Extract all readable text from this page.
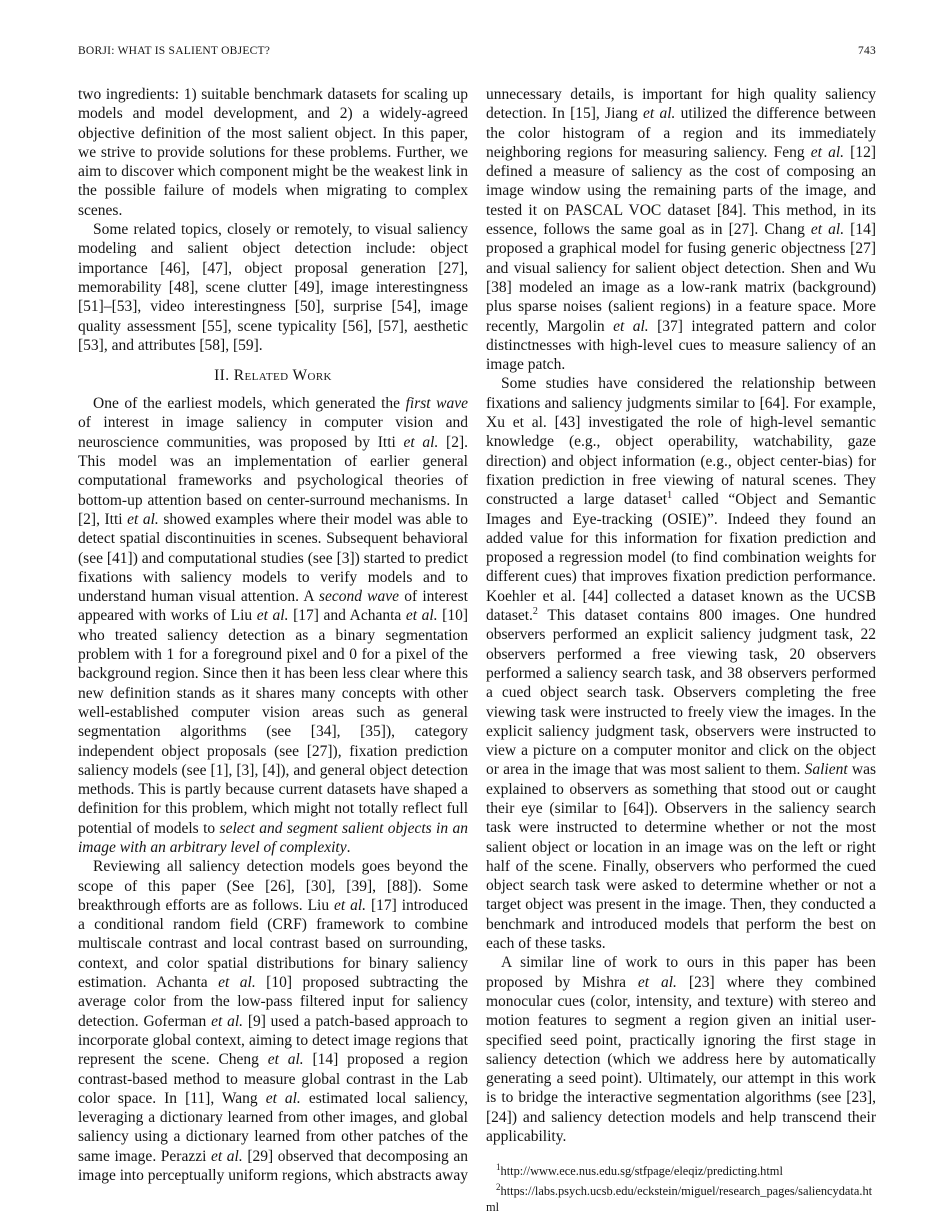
BORJI: WHAT IS SALIENT OBJECT?	743

two ingredients: 1) suitable benchmark datasets for scaling up models and model development, and 2) a widely-agreed objective definition of the most salient object. In this paper, we strive to provide solutions for these problems. Further, we aim to discover which component might be the weakest link in the possible failure of models when migrating to complex scenes.

Some related topics, closely or remotely, to visual saliency modeling and salient object detection include: object importance [46], [47], object proposal generation [27], memorability [48], scene clutter [49], image interestingness [51]–[53], video interestingness [50], surprise [54], image quality assessment [55], scene typicality [56], [57], aesthetic [53], and attributes [58], [59].

II. Related Work

One of the earliest models, which generated the first wave of interest in image saliency in computer vision and neuroscience communities, was proposed by Itti et al. [2]. This model was an implementation of earlier general computational frameworks and psychological theories of bottom-up attention based on center-surround mechanisms. In [2], Itti et al. showed examples where their model was able to detect spatial discontinuities in scenes. Subsequent behavioral (see [41]) and computational studies (see [3]) started to predict fixations with saliency models to verify models and to understand human visual attention. A second wave of interest appeared with works of Liu et al. [17] and Achanta et al. [10] who treated saliency detection as a binary segmentation problem with 1 for a foreground pixel and 0 for a pixel of the background region. Since then it has been less clear where this new definition stands as it shares many concepts with other well-established computer vision areas such as general segmentation algorithms (see [34], [35]), category independent object proposals (see [27]), fixation prediction saliency models (see [1], [3], [4]), and general object detection methods. This is partly because current datasets have shaped a definition for this problem, which might not totally reflect full potential of models to select and segment salient objects in an image with an arbitrary level of complexity.

Reviewing all saliency detection models goes beyond the scope of this paper (See [26], [30], [39], [88]). Some breakthrough efforts are as follows. Liu et al. [17] introduced a conditional random field (CRF) framework to combine multiscale contrast and local contrast based on surrounding, context, and color spatial distributions for binary saliency estimation. Achanta et al. [10] proposed subtracting the average color from the low-pass filtered input for saliency detection. Goferman et al. [9] used a patch-based approach to incorporate global context, aiming to detect image regions that represent the scene. Cheng et al. [14] proposed a region contrast-based method to measure global contrast in the Lab color space. In [11], Wang et al. estimated local saliency, leveraging a dictionary learned from other images, and global saliency using a dictionary learned from other patches of the same image. Perazzi et al. [29] observed that decomposing an image into perceptually uniform regions, which abstracts away

unnecessary details, is important for high quality saliency detection. In [15], Jiang et al. utilized the difference between the color histogram of a region and its immediately neighboring regions for measuring saliency. Feng et al. [12] defined a measure of saliency as the cost of composing an image window using the remaining parts of the image, and tested it on PASCAL VOC dataset [84]. This method, in its essence, follows the same goal as in [27]. Chang et al. [14] proposed a graphical model for fusing generic objectness [27] and visual saliency for salient object detection. Shen and Wu [38] modeled an image as a low-rank matrix (background) plus sparse noises (salient regions) in a feature space. More recently, Margolin et al. [37] integrated pattern and color distinctnesses with high-level cues to measure saliency of an image patch.

Some studies have considered the relationship between fixations and saliency judgments similar to [64]. For example, Xu et al. [43] investigated the role of high-level semantic knowledge (e.g., object operability, watchability, gaze direction) and object information (e.g., object center-bias) for fixation prediction in free viewing of natural scenes. They constructed a large dataset$^1$ called “Object and Semantic Images and Eye-tracking (OSIE)”. Indeed they found an added value for this information for fixation prediction and proposed a regression model (to find combination weights for different cues) that improves fixation prediction performance. Koehler et al. [44] collected a dataset known as the UCSB dataset.$^2$ This dataset contains 800 images. One hundred observers performed an explicit saliency judgment task, 22 observers performed a free viewing task, 20 observers performed a saliency search task, and 38 observers performed a cued object search task. Observers completing the free viewing task were instructed to freely view the images. In the explicit saliency judgment task, observers were instructed to view a picture on a computer monitor and click on the object or area in the image that was most salient to them. Salient was explained to observers as something that stood out or caught their eye (similar to [64]). Observers in the saliency search task were instructed to determine whether or not the most salient object or location in an image was on the left or right half of the scene. Finally, observers who performed the cued object search task were asked to determine whether or not a target object was present in the image. Then, they conducted a benchmark and introduced models that perform the best on each of these tasks.

A similar line of work to ours in this paper has been proposed by Mishra et al. [23] where they combined monocular cues (color, intensity, and texture) with stereo and motion features to segment a region given an initial user-specified seed point, practically ignoring the first stage in saliency detection (which we address here by automatically generating a seed point). Ultimately, our attempt in this work is to bridge the interactive segmentation algorithms (see [23], [24]) and saliency detection models and help transcend their applicability.

$^1$http://www.ece.nus.edu.sg/stfpage/eleqiz/predicting.html

$^2$https://labs.psych.ucsb.edu/eckstein/miguel/research_pages/saliencydata.html
